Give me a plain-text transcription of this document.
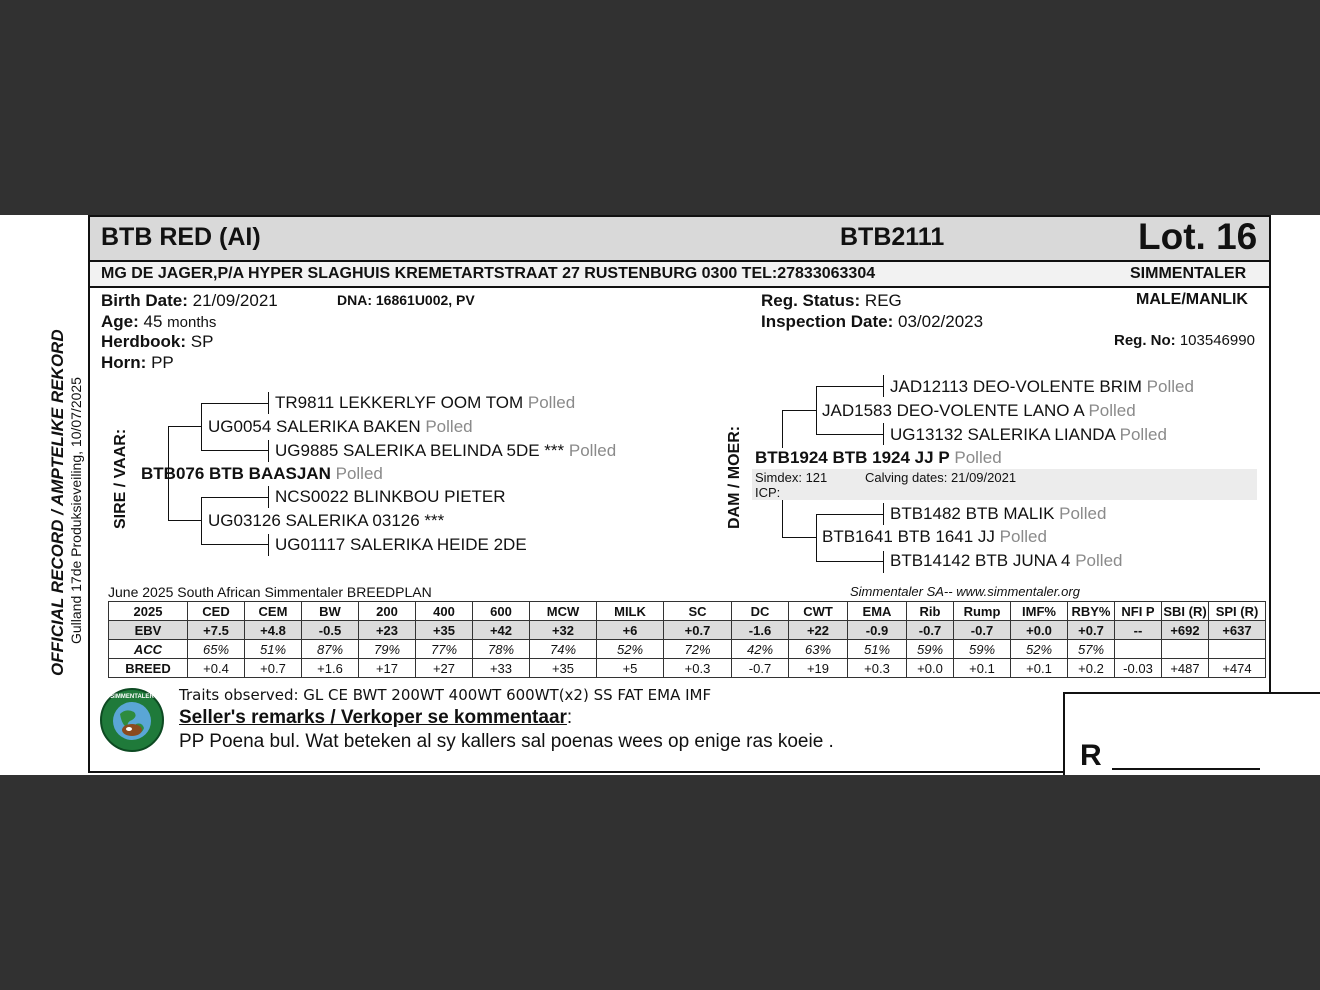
OFFICIAL RECORD / AMPTELIKE REKORD Gulland 17de Produksieveiling, 10/07/2025
BTB RED (AI)	BTB2111	Lot. 16
MG DE JAGER,P/A HYPER SLAGHUIS KREMETARTSTRAAT 27 RUSTENBURG 0300 TEL:27833063304	SIMMENTALER
Birth Date: 21/09/2021	DNA: 16861U002, PV
Age: 45 months
Herdbook: SP
Horn: PP
Reg. Status: REG
Inspection Date: 03/02/2023
MALE/MANLIK
Reg. No: 103546990
SIRE / VAAR:
TR9811 LEKKERLYF OOM TOM Polled
UG0054 SALERIKA BAKEN Polled
UG9885 SALERIKA BELINDA 5DE *** Polled
BTB076 BTB BAASJAN Polled
NCS0022 BLINKBOU PIETER
UG03126 SALERIKA 03126 ***
UG01117 SALERIKA HEIDE 2DE
DAM / MOER: Simdex: 121	Calving dates: 21/09/2021
ICP:
JAD12113 DEO-VOLENTE BRIM Polled
JAD1583 DEO-VOLENTE LANO A Polled
UG13132 SALERIKA LIANDA Polled
BTB1924 BTB 1924 JJ P Polled
BTB1482 BTB MALIK Polled
BTB1641 BTB 1641 JJ Polled
BTB14142 BTB JUNA 4 Polled
June 2025 South African Simmentaler BREEDPLAN	Simmentaler SA-- www.simmentaler.org
2025	CED	CEM	BW	200	400	600	MCW	MILK	SC	DC	CWT	EMA	Rib	Rump	IMF%	RBY%	NFI P	SBI (R)	SPI (R)
EBV	+7.5	+4.8	-0.5	+23	+35	+42	+32	+6	+0.7	-1.6	+22	-0.9	-0.7	-0.7	+0.0	+0.7	--	+692	+637
ACC	65%	51%	87%	79%	77%	78%	74%	52%	72%	42%	63%	51%	59%	59%	52%	57%			
BREED	+0.4	+0.7	+1.6	+17	+27	+33	+35	+5	+0.3	-0.7	+19	+0.3	+0.0	+0.1	+0.1	+0.2	-0.03	+487	+474
SIMMENTALER	Traits observed: GL CE BWT 200WT 400WT 600WT(x2) SS FAT EMA IMF
Seller's remarks / Verkoper se kommentaar:
PP Poena bul. Wat beteken al sy kallers sal poenas wees op enige ras koeie .	R
